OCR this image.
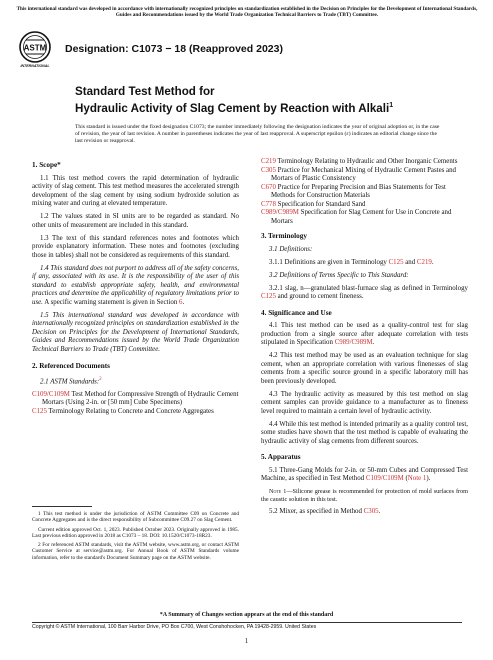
This international standard was developed in accordance with internationally recognized principles on standardization established in the Decision on Principles for the Development of International Standards, Guides and Recommendations issued by the World Trade Organization Technical Barriers to Trade (TBT) Committee.
ASTM
INTERNATIONAL
Designation: C1073 − 18 (Reapproved 2023)
Standard Test Method for
Hydraulic Activity of Slag Cement by Reaction with Alkali$^1$
This standard is issued under the fixed designation C1073; the number immediately following the designation indicates the year of original adoption or, in the case of revision, the year of last revision. A number in parentheses indicates the year of last reapproval. A superscript epsilon (ε) indicates an editorial change since the last revision or reapproval.
1. Scope*

1.1 This test method covers the rapid determination of hydraulic activity of slag cement. This test method measures the accelerated strength development of the slag cement by using sodium hydroxide solution as mixing water and curing at elevated temperature.

1.2 The values stated in SI units are to be regarded as standard. No other units of measurement are included in this standard.

1.3 The text of this standard references notes and footnotes which provide explanatory information. These notes and footnotes (excluding those in tables) shall not be considered as requirements of this standard.

1.4 This standard does not purport to address all of the safety concerns, if any, associated with its use. It is the responsibility of the user of this standard to establish appropriate safety, health, and environmental practices and determine the applicability of regulatory limitations prior to use. A specific warning statement is given in Section 6.

1.5 This international standard was developed in accordance with internationally recognized principles on standardization established in the Decision on Principles for the Development of International Standards, Guides and Recommendations issued by the World Trade Organization Technical Barriers to Trade (TBT) Committee.

2. Referenced Documents

2.1 ASTM Standards:$^2$

C109/C109M Test Method for Compressive Strength of Hydraulic Cement Mortars (Using 2-in. or [50 mm] Cube Specimens)
C125 Terminology Relating to Concrete and Concrete Aggregates

1 This test method is under the jurisdiction of ASTM Committee C09 on Concrete and Concrete Aggregates and is the direct responsibility of Subcommittee C09.27 on Slag Cement.

Current edition approved Oct. 1, 2023. Published October 2023. Originally approved in 1985. Last previous edition approved in 2018 as C1073 – 18. DOI: 10.1520/C1073-18R23.

2 For referenced ASTM standards, visit the ASTM website, www.astm.org, or contact ASTM Customer Service at service@astm.org. For Annual Book of ASTM Standards volume information, refer to the standard's Document Summary page on the ASTM website.

C219 Terminology Relating to Hydraulic and Other Inorganic Cements
C305 Practice for Mechanical Mixing of Hydraulic Cement Pastes and Mortars of Plastic Consistency
C670 Practice for Preparing Precision and Bias Statements for Test Methods for Construction Materials
C778 Specification for Standard Sand
C989/C989M Specification for Slag Cement for Use in Concrete and Mortars
3. Terminology

3.1 Definitions:

3.1.1 Definitions are given in Terminology C125 and C219.

3.2 Definitions of Terms Specific to This Standard:

3.2.1 slag, n—granulated blast-furnace slag as defined in Terminology C125 and ground to cement fineness.

4. Significance and Use

4.1 This test method can be used as a quality-control test for slag production from a single source after adequate correlation with tests stipulated in Specification C989/C989M.

4.2 This test method may be used as an evaluation technique for slag cement, when an appropriate correlation with various finenesses of slag cements from a specific source ground in a specific laboratory mill has been previously developed.

4.3 The hydraulic activity as measured by this test method on slag cement samples can provide guidance to a manufacturer as to fineness level required to maintain a certain level of hydraulic activity.

4.4 While this test method is intended primarily as a quality control test, some studies have shown that the test method is capable of evaluating the hydraulic activity of slag cements from different sources.

5. Apparatus

5.1 Three-Gang Molds for 2-in. or 50-mm Cubes and Compressed Test Machine, as specified in Test Method C109/C109M (Note 1).

Note 1—Silicone grease is recommended for protection of mold surfaces from the caustic solution in this test.

5.2 Mixer, as specified in Method C305.

*A Summary of Changes section appears at the end of this standard
Copyright © ASTM International, 100 Barr Harbor Drive, PO Box C700, West Conshohocken, PA 19428-2959. United States
1
